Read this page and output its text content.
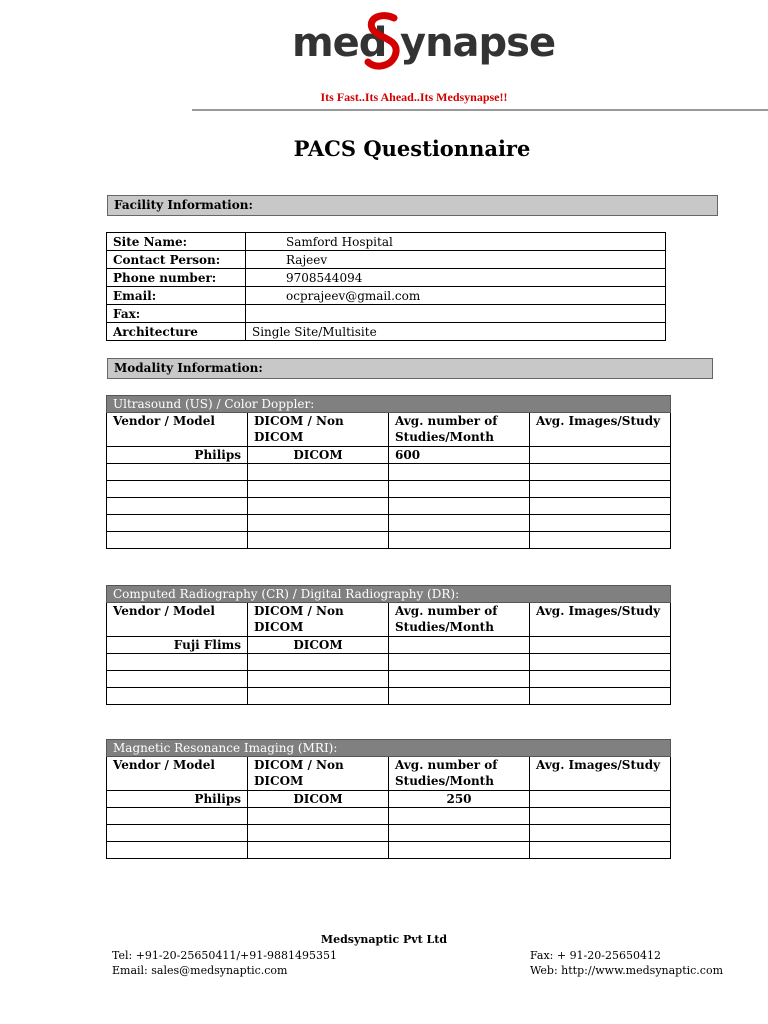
med ynapse
Its Fast..Its Ahead..Its Medsynapse!!
PACS Questionnaire
Facility Information:
Site Name:	Samford Hospital
Contact Person:	Rajeev
Phone number:	9708544094
Email:	ocprajeev@gmail.com
Fax:	
Architecture	Single Site/Multisite
Modality Information:
Ultrasound (US) / Color Doppler:			
Vendor / Model	DICOM / Non DICOM	Avg. number of Studies/Month	Avg. Images/Study
Philips	DICOM	600	

Computed Radiography (CR) / Digital Radiography (DR):			
Vendor / Model	DICOM / Non DICOM	Avg. number of Studies/Month	Avg. Images/Study
Fuji Flims	DICOM		

Magnetic Resonance Imaging (MRI):			
Vendor / Model	DICOM / Non DICOM	Avg. number of Studies/Month	Avg. Images/Study
Philips	DICOM	250	

Medsynaptic Pvt Ltd
Tel: +91-20-25650411/+91-9881495351
Email: sales@medsynaptic.com
Fax: + 91-20-25650412
Web: http://www.medsynaptic.com
